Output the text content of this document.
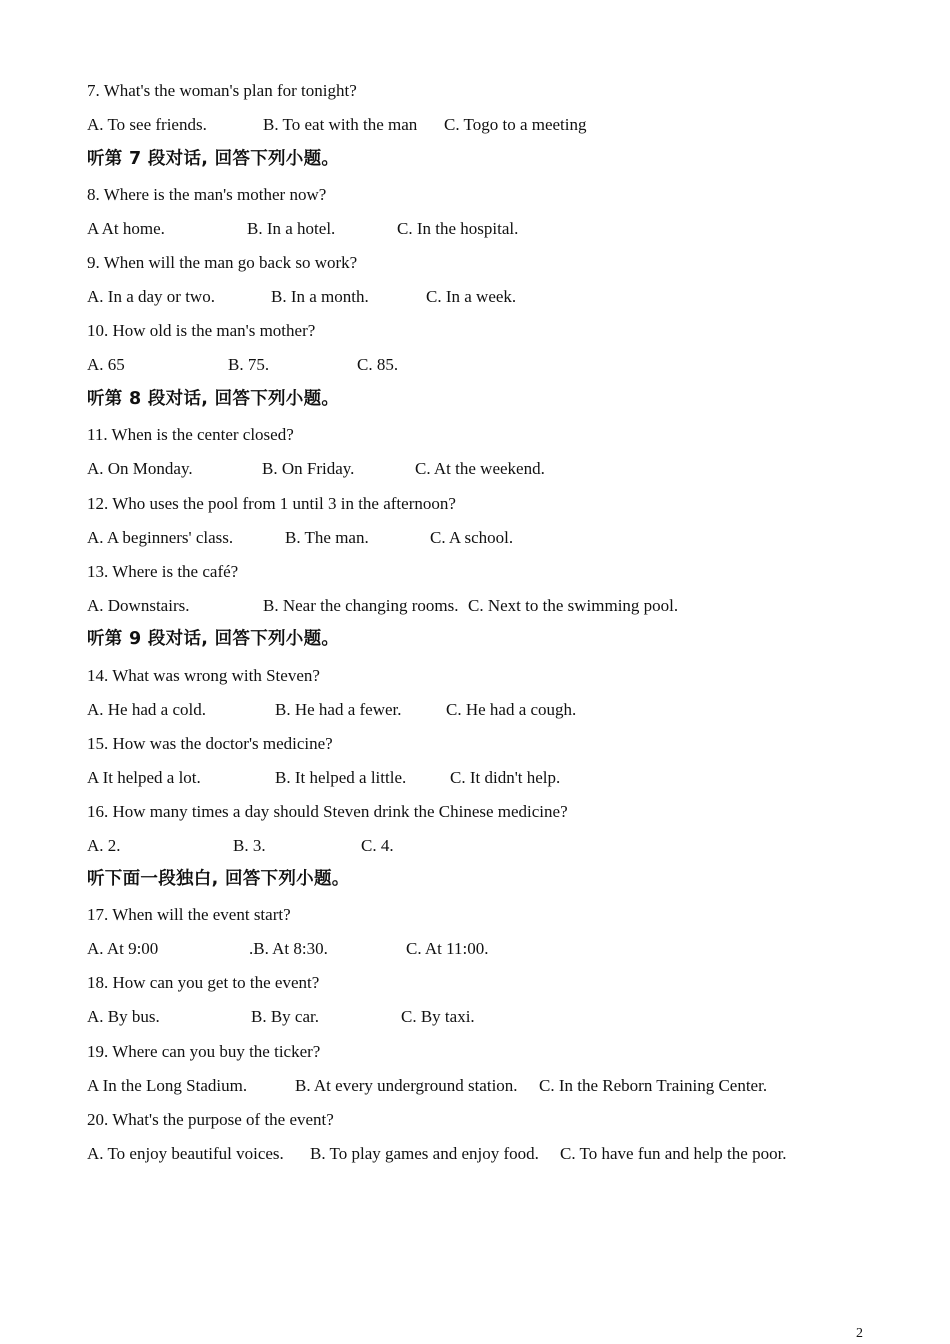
7. What's the woman's plan for tonight?
A. To see friends.	B. To eat with the man C. Togo to a meeting
听第 7 段对话, 回答下列小题。
8. Where is the man's mother now?
A At home.	B. In a hotel.	C. In the hospital.
9. When will the man go back so work?
A. In a day or two.	B. In a month.	C. In a week.
10. How old is the man's mother?
A. 65	B. 75.	C. 85.
听第 8 段对话, 回答下列小题。
11. When is the center closed?
A. On Monday.	B. On Friday.	C. At the weekend.
12. Who uses the pool from 1 until 3 in the afternoon?
A. A beginners' class.	B. The man.	C. A school.
13. Where is the café?
A. Downstairs.	B. Near the changing rooms. C. Next to the swimming pool.
听第 9 段对话, 回答下列小题。
14. What was wrong with Steven?
A. He had a cold.	B. He had a fewer.	C. He had a cough.
15. How was the doctor's medicine?
A It helped a lot.	B. It helped a little.	C. It didn't help.
16. How many times a day should Steven drink the Chinese medicine?
A. 2.	B. 3.	C. 4.
听下面一段独白, 回答下列小题。
17. When will the event start?
A. At 9:00	.B. At 8:30.	C. At 11:00.
18. How can you get to the event?
A. By bus.	B. By car.	C. By taxi.
19. Where can you buy the ticker?
A In the Long Stadium.	B. At every underground station. C. In the Reborn Training Center.
20. What's the purpose of the event?
A. To enjoy beautiful voices. B. To play games and enjoy food. C. To have fun and help the poor.
2
